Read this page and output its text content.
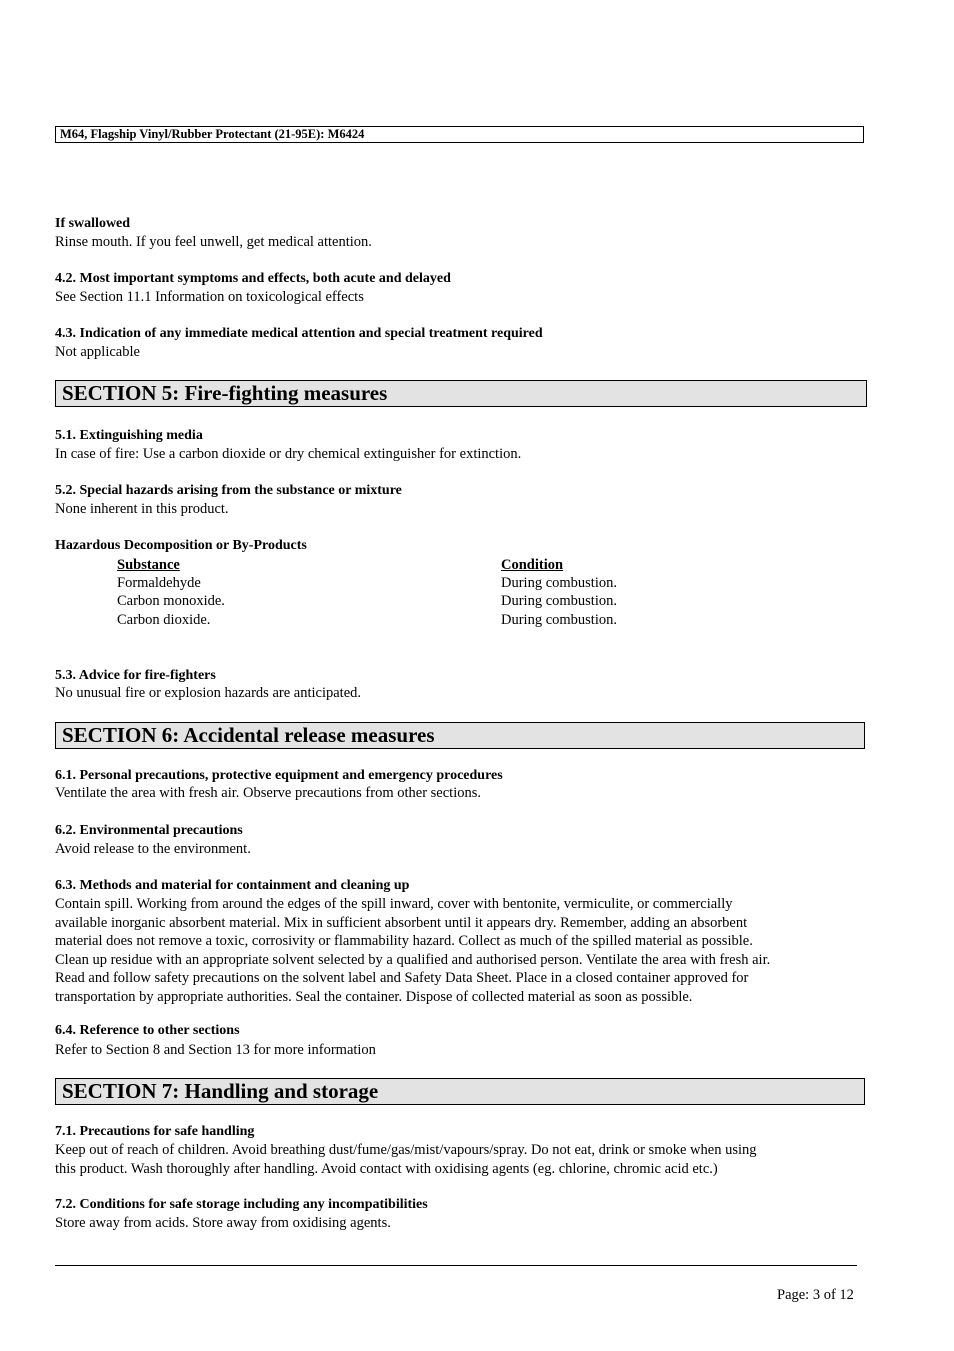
M64, Flagship Vinyl/Rubber Protectant (21-95E): M6424
If swallowed
Rinse mouth. If you feel unwell, get medical attention.
4.2. Most important symptoms and effects, both acute and delayed
See Section 11.1 Information on toxicological effects
4.3. Indication of any immediate medical attention and special treatment required
Not applicable
SECTION 5: Fire-fighting measures
5.1. Extinguishing media
In case of fire: Use a carbon dioxide or dry chemical extinguisher for extinction.
5.2. Special hazards arising from the substance or mixture
None inherent in this product.
Hazardous Decomposition or By-Products
Substance	Condition
Formaldehyde	During combustion.
Carbon monoxide.	During combustion.
Carbon dioxide.	During combustion.
5.3. Advice for fire-fighters
No unusual fire or explosion hazards are anticipated.
SECTION 6: Accidental release measures
6.1. Personal precautions, protective equipment and emergency procedures
Ventilate the area with fresh air. Observe precautions from other sections.
6.2. Environmental precautions
Avoid release to the environment.
6.3. Methods and material for containment and cleaning up
Contain spill. Working from around the edges of the spill inward, cover with bentonite, vermiculite, or commercially
available inorganic absorbent material. Mix in sufficient absorbent until it appears dry. Remember, adding an absorbent
material does not remove a toxic, corrosivity or flammability hazard. Collect as much of the spilled material as possible.
Clean up residue with an appropriate solvent selected by a qualified and authorised person. Ventilate the area with fresh air.
Read and follow safety precautions on the solvent label and Safety Data Sheet. Place in a closed container approved for
transportation by appropriate authorities. Seal the container. Dispose of collected material as soon as possible.
6.4. Reference to other sections
Refer to Section 8 and Section 13 for more information
SECTION 7: Handling and storage
7.1. Precautions for safe handling
Keep out of reach of children. Avoid breathing dust/fume/gas/mist/vapours/spray. Do not eat, drink or smoke when using
this product. Wash thoroughly after handling. Avoid contact with oxidising agents (eg. chlorine, chromic acid etc.)
7.2. Conditions for safe storage including any incompatibilities
Store away from acids. Store away from oxidising agents.
Page: 3 of 12
